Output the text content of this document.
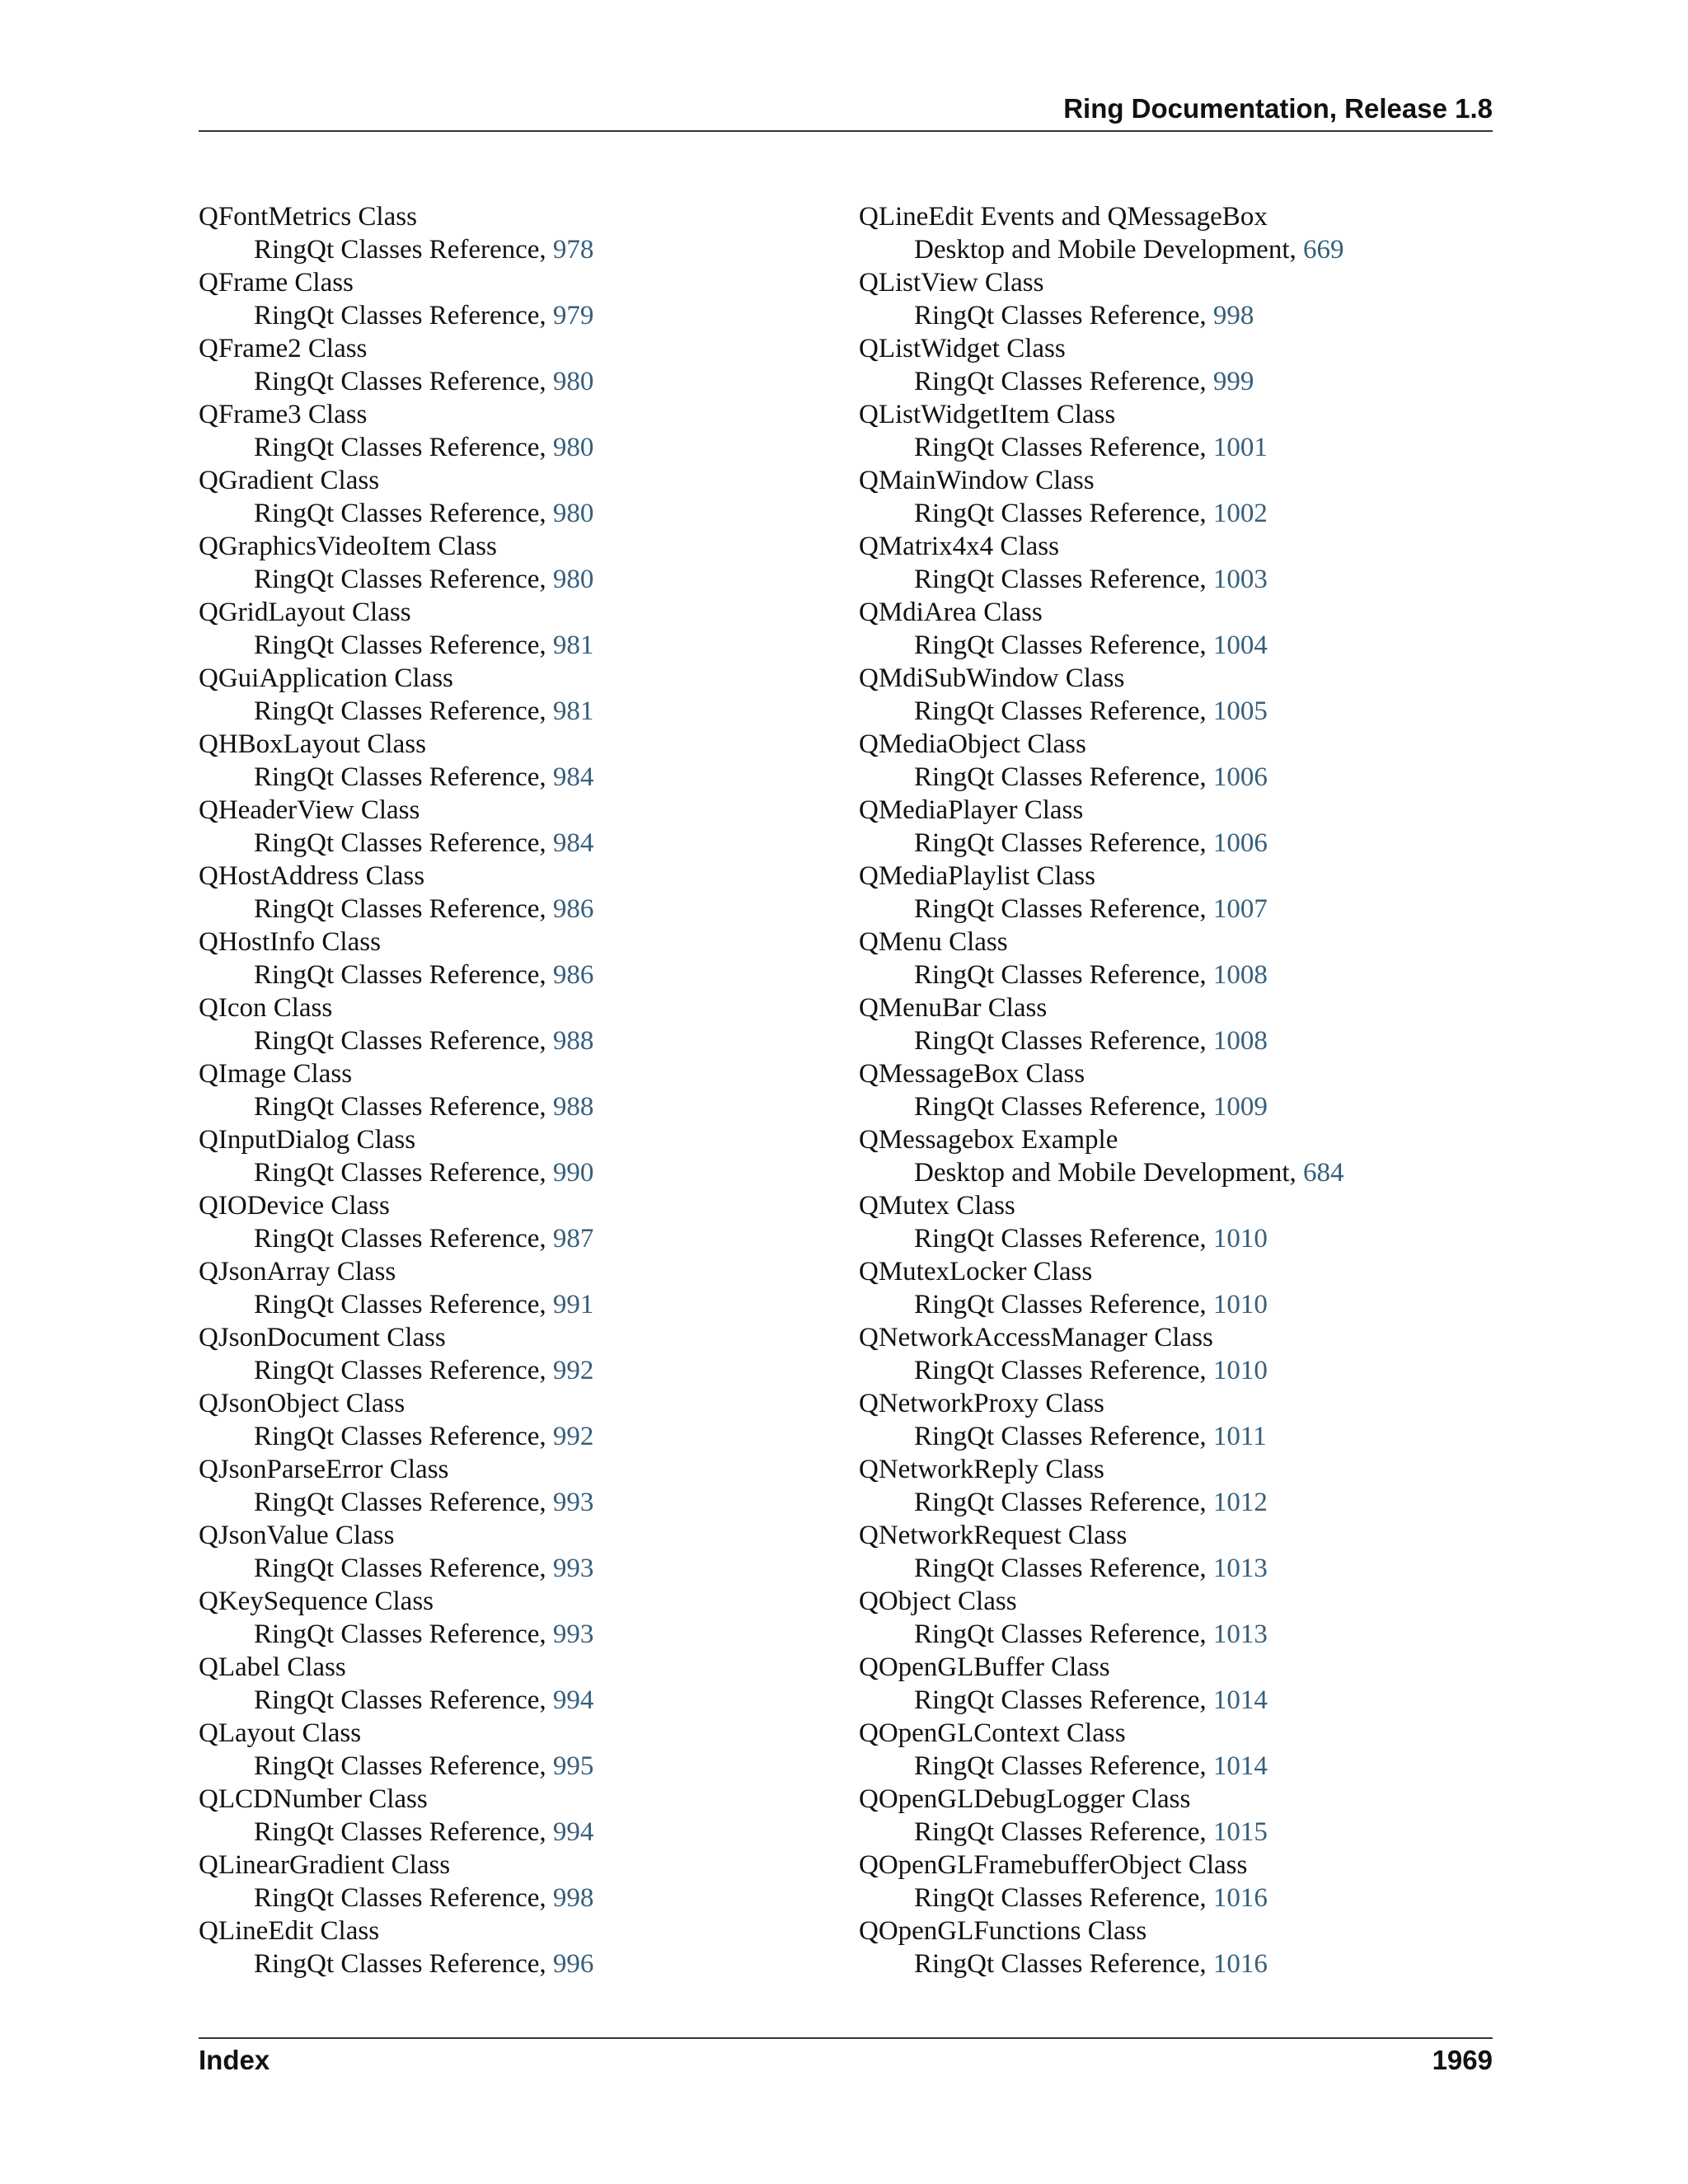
Ring Documentation, Release 1.8
QFontMetrics Class
RingQt Classes Reference, 978
QFrame Class
RingQt Classes Reference, 979
QFrame2 Class
RingQt Classes Reference, 980
QFrame3 Class
RingQt Classes Reference, 980
QGradient Class
RingQt Classes Reference, 980
QGraphicsVideoItem Class
RingQt Classes Reference, 980
QGridLayout Class
RingQt Classes Reference, 981
QGuiApplication Class
RingQt Classes Reference, 981
QHBoxLayout Class
RingQt Classes Reference, 984
QHeaderView Class
RingQt Classes Reference, 984
QHostAddress Class
RingQt Classes Reference, 986
QHostInfo Class
RingQt Classes Reference, 986
QIcon Class
RingQt Classes Reference, 988
QImage Class
RingQt Classes Reference, 988
QInputDialog Class
RingQt Classes Reference, 990
QIODevice Class
RingQt Classes Reference, 987
QJsonArray Class
RingQt Classes Reference, 991
QJsonDocument Class
RingQt Classes Reference, 992
QJsonObject Class
RingQt Classes Reference, 992
QJsonParseError Class
RingQt Classes Reference, 993
QJsonValue Class
RingQt Classes Reference, 993
QKeySequence Class
RingQt Classes Reference, 993
QLabel Class
RingQt Classes Reference, 994
QLayout Class
RingQt Classes Reference, 995
QLCDNumber Class
RingQt Classes Reference, 994
QLinearGradient Class
RingQt Classes Reference, 998
QLineEdit Class
RingQt Classes Reference, 996
QLineEdit Events and QMessageBox
Desktop and Mobile Development, 669
QListView Class
RingQt Classes Reference, 998
QListWidget Class
RingQt Classes Reference, 999
QListWidgetItem Class
RingQt Classes Reference, 1001
QMainWindow Class
RingQt Classes Reference, 1002
QMatrix4x4 Class
RingQt Classes Reference, 1003
QMdiArea Class
RingQt Classes Reference, 1004
QMdiSubWindow Class
RingQt Classes Reference, 1005
QMediaObject Class
RingQt Classes Reference, 1006
QMediaPlayer Class
RingQt Classes Reference, 1006
QMediaPlaylist Class
RingQt Classes Reference, 1007
QMenu Class
RingQt Classes Reference, 1008
QMenuBar Class
RingQt Classes Reference, 1008
QMessageBox Class
RingQt Classes Reference, 1009
QMessagebox Example
Desktop and Mobile Development, 684
QMutex Class
RingQt Classes Reference, 1010
QMutexLocker Class
RingQt Classes Reference, 1010
QNetworkAccessManager Class
RingQt Classes Reference, 1010
QNetworkProxy Class
RingQt Classes Reference, 1011
QNetworkReply Class
RingQt Classes Reference, 1012
QNetworkRequest Class
RingQt Classes Reference, 1013
QObject Class
RingQt Classes Reference, 1013
QOpenGLBuffer Class
RingQt Classes Reference, 1014
QOpenGLContext Class
RingQt Classes Reference, 1014
QOpenGLDebugLogger Class
RingQt Classes Reference, 1015
QOpenGLFramebufferObject Class
RingQt Classes Reference, 1016
QOpenGLFunctions Class
RingQt Classes Reference, 1016
Index	1969
